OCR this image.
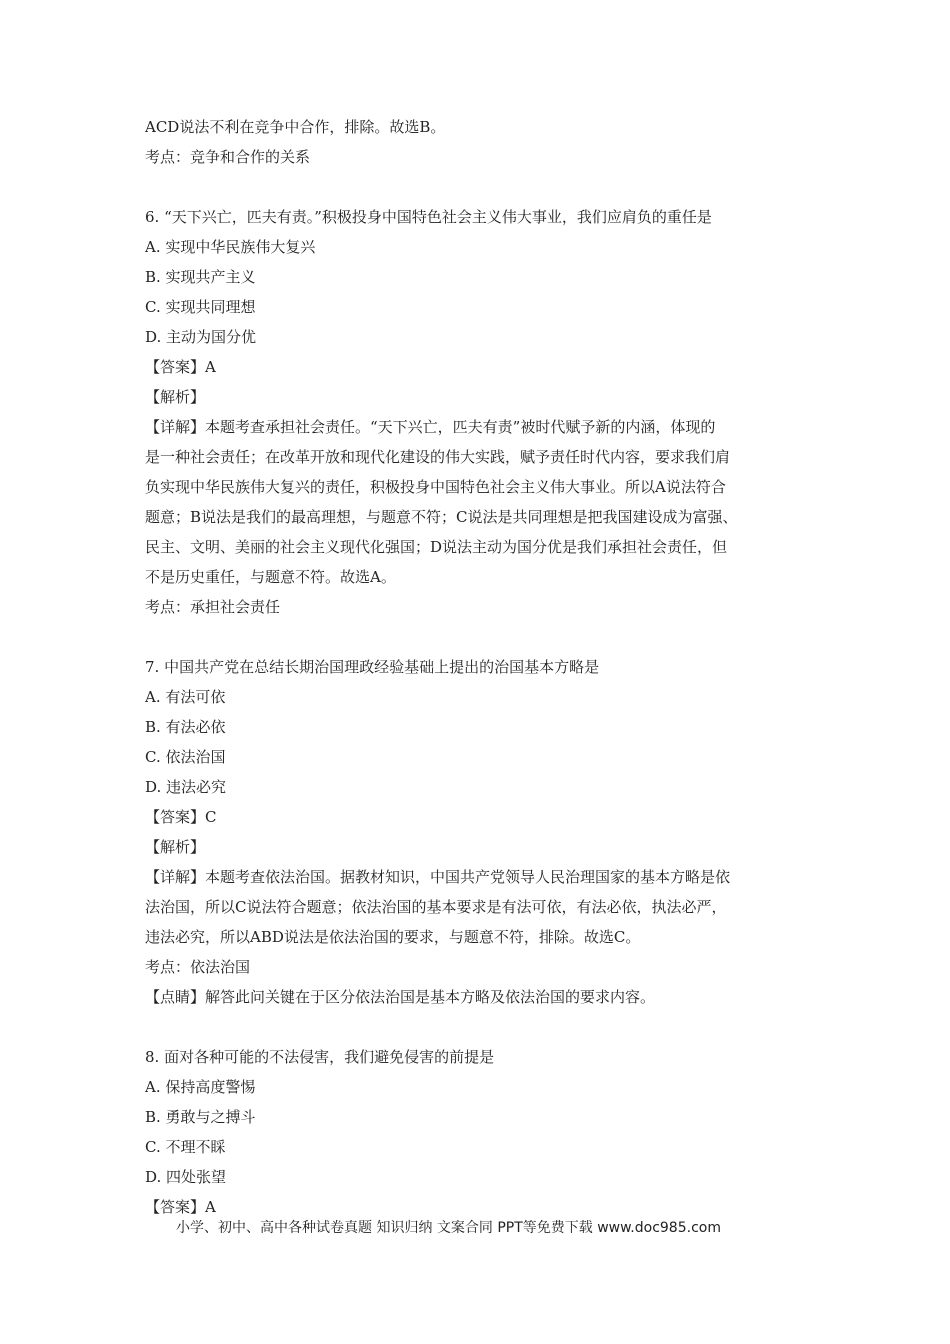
ACD说法不利在竞争中合作，排除。故选B。

考点：竞争和合作的关系

6. “天下兴亡，匹夫有责。”积极投身中国特色社会主义伟大事业，我们应肩负的重任是

A. 实现中华民族伟大复兴

B. 实现共产主义

C. 实现共同理想

D. 主动为国分优

【答案】A

【解析】

【详解】本题考查承担社会责任。“天下兴亡，匹夫有责”被时代赋予新的内涵，体现的

是一种社会责任；在改革开放和现代化建设的伟大实践，赋予责任时代内容，要求我们肩

负实现中华民族伟大复兴的责任，积极投身中国特色社会主义伟大事业。所以A说法符合

题意；B说法是我们的最高理想，与题意不符；C说法是共同理想是把我国建设成为富强、

民主、文明、美丽的社会主义现代化强国；D说法主动为国分优是我们承担社会责任，但

不是历史重任，与题意不符。故选A。

考点：承担社会责任

7. 中国共产党在总结长期治国理政经验基础上提出的治国基本方略是

A. 有法可依

B. 有法必依

C. 依法治国

D. 违法必究

【答案】C

【解析】

【详解】本题考查依法治国。据教材知识，中国共产党领导人民治理国家的基本方略是依

法治国，所以C说法符合题意；依法治国的基本要求是有法可依，有法必依，执法必严，

违法必究，所以ABD说法是依法治国的要求，与题意不符，排除。故选C。

考点：依法治国

【点睛】解答此问关键在于区分依法治国是基本方略及依法治国的要求内容。

8. 面对各种可能的不法侵害，我们避免侵害的前提是

A. 保持高度警惕

B. 勇敢与之搏斗

C. 不理不睬

D. 四处张望

【答案】A

小学、初中、高中各种试卷真题 知识归纳 文案合同 PPT等免费下载 www.doc985.com
